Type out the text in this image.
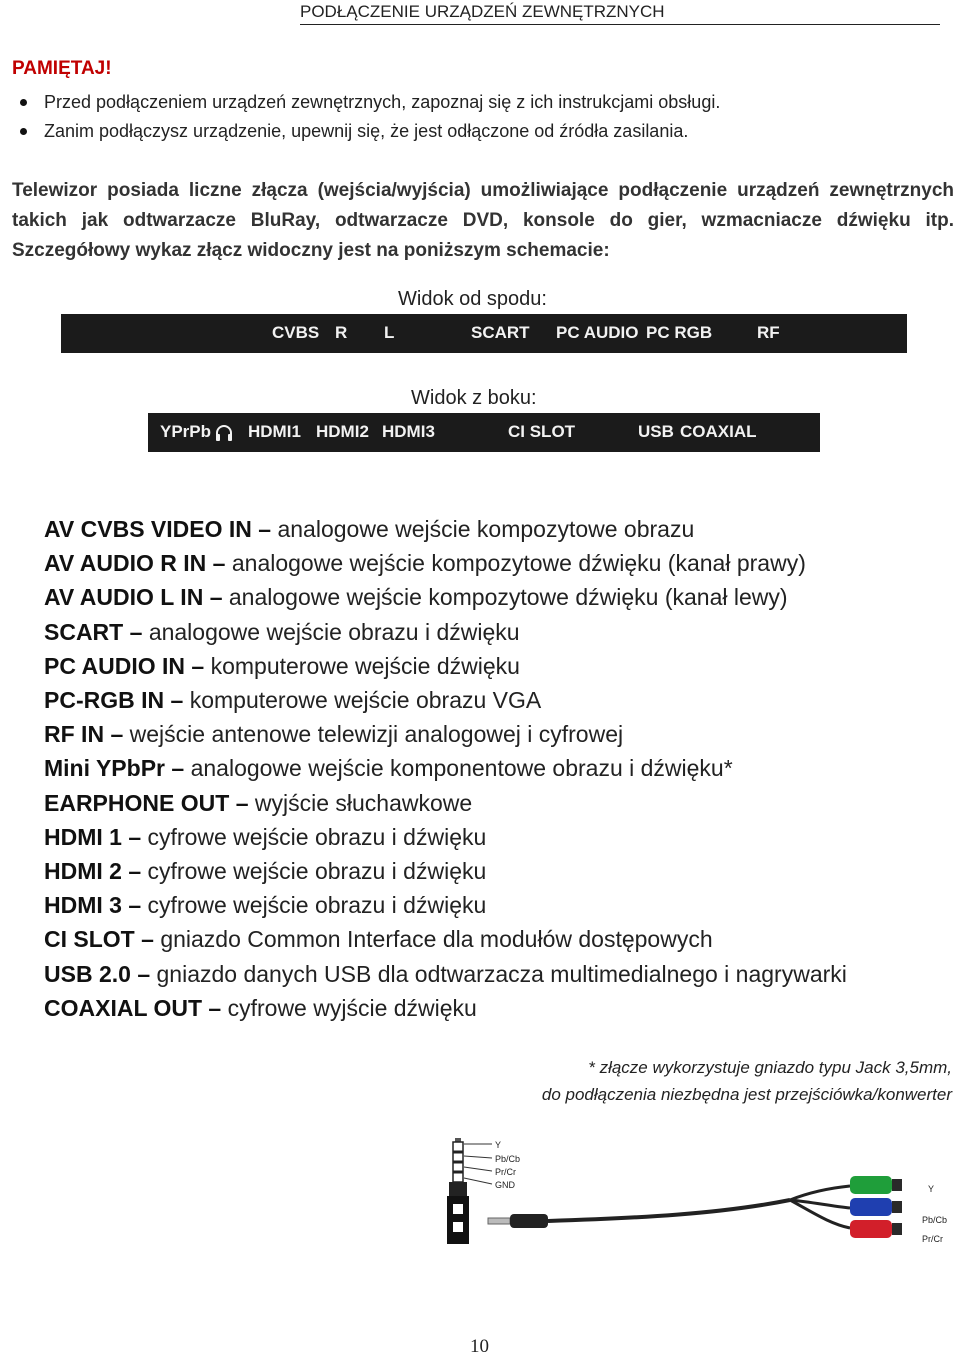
PODŁĄCZENIE URZĄDZEŃ ZEWNĘTRZNYCH
PAMIĘTAJ!
Przed podłączeniem urządzeń zewnętrznych, zapoznaj się z ich instrukcjami obsługi.
Zanim podłączysz urządzenie, upewnij się, że jest odłączone od źródła zasilania.

Telewizor posiada liczne złącza (wejścia/wyjścia) umożliwiające podłączenie urządzeń zewnętrznych takich jak odtwarzacze BluRay, odtwarzacze DVD, konsole do gier, wzmacniacze dźwięku itp. Szczegółowy wykaz złącz widoczny jest na poniższym schemacie:

Widok od spodu:
CVBS R L	SCART PC AUDIO PC RGB	RF
Widok z boku:
YPrPb HDMI1 HDMI2 HDMI3	CI SLOT	USB COAXIAL
AV CVBS VIDEO IN – analogowe wejście kompozytowe obrazu
AV AUDIO R IN – analogowe wejście kompozytowe dźwięku (kanał prawy)
AV AUDIO L IN – analogowe wejście kompozytowe dźwięku (kanał lewy)
SCART – analogowe wejście obrazu i dźwięku
PC AUDIO IN – komputerowe wejście dźwięku
PC-RGB IN – komputerowe wejście obrazu VGA
RF IN – wejście antenowe telewizji analogowej i cyfrowej
Mini YPbPr – analogowe wejście komponentowe obrazu i dźwięku*
EARPHONE OUT – wyjście słuchawkowe
HDMI 1 – cyfrowe wejście obrazu i dźwięku
HDMI 2 – cyfrowe wejście obrazu i dźwięku
HDMI 3 – cyfrowe wejście obrazu i dźwięku
CI SLOT – gniazdo Common Interface dla modułów dostępowych
USB 2.0 – gniazdo danych USB dla odtwarzacza multimedialnego i nagrywarki
COAXIAL OUT – cyfrowe wyjście dźwięku
* złącze wykorzystuje gniazdo typu Jack 3,5mm,
do podłączenia niezbędna jest przejściówka/konwerter
Y
Pb/Cb
Pr/Cr
GND	Y
Pb/Cb
Pr/Cr
10
